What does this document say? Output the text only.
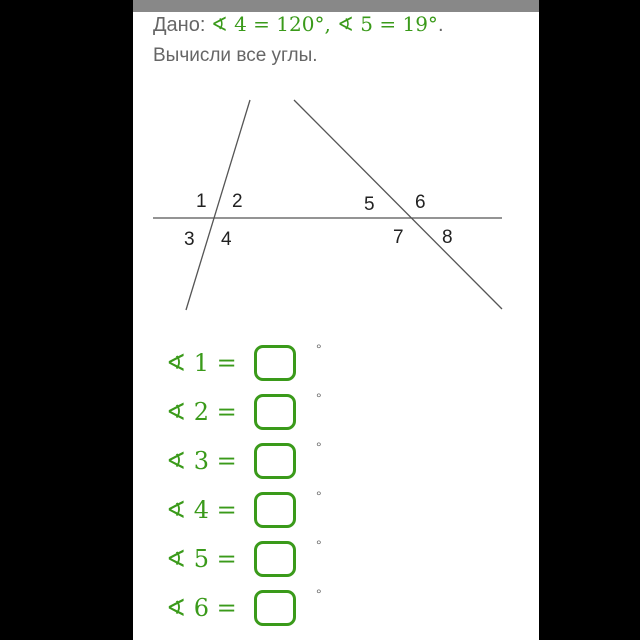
Дано: ∢ 4 = 120°, ∢ 5 = 19°.
Вычисли все углы.
1 2
3 4
5 6
7 8
∢ 1 =	°
∢ 2 =	°
∢ 3 =	°
∢ 4 =	°
∢ 5 =	°
∢ 6 =	°
